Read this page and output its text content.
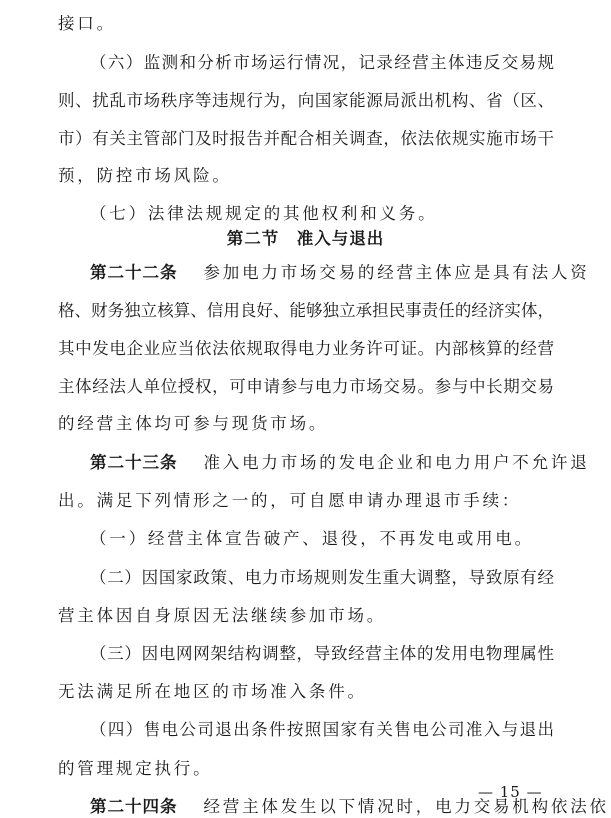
接口。
（六）监测和分析市场运行情况，记录经营主体违反交易规
则、扰乱市场秩序等违规行为，向国家能源局派出机构、省（区、
市）有关主管部门及时报告并配合相关调查，依法依规实施市场干
预，防控市场风险。
（七）法律法规规定的其他权利和义务。
第二节　准入与退出
第二十二条 参加电力市场交易的经营主体应是具有法人资
格、财务独立核算、信用良好、能够独立承担民事责任的经济实体，
其中发电企业应当依法依规取得电力业务许可证。内部核算的经营
主体经法人单位授权，可申请参与电力市场交易。参与中长期交易
的经营主体均可参与现货市场。
第二十三条 准入电力市场的发电企业和电力用户不允许退
出。满足下列情形之一的，可自愿申请办理退市手续：
（一）经营主体宣告破产、退役，不再发电或用电。
（二）因国家政策、电力市场规则发生重大调整，导致原有经
营主体因自身原因无法继续参加市场。
（三）因电网网架结构调整，导致经营主体的发用电物理属性
无法满足所在地区的市场准入条件。
（四）售电公司退出条件按照国家有关售电公司准入与退出
的管理规定执行。
第二十四条 经营主体发生以下情况时，电力交易机构依法依
— 15 —
